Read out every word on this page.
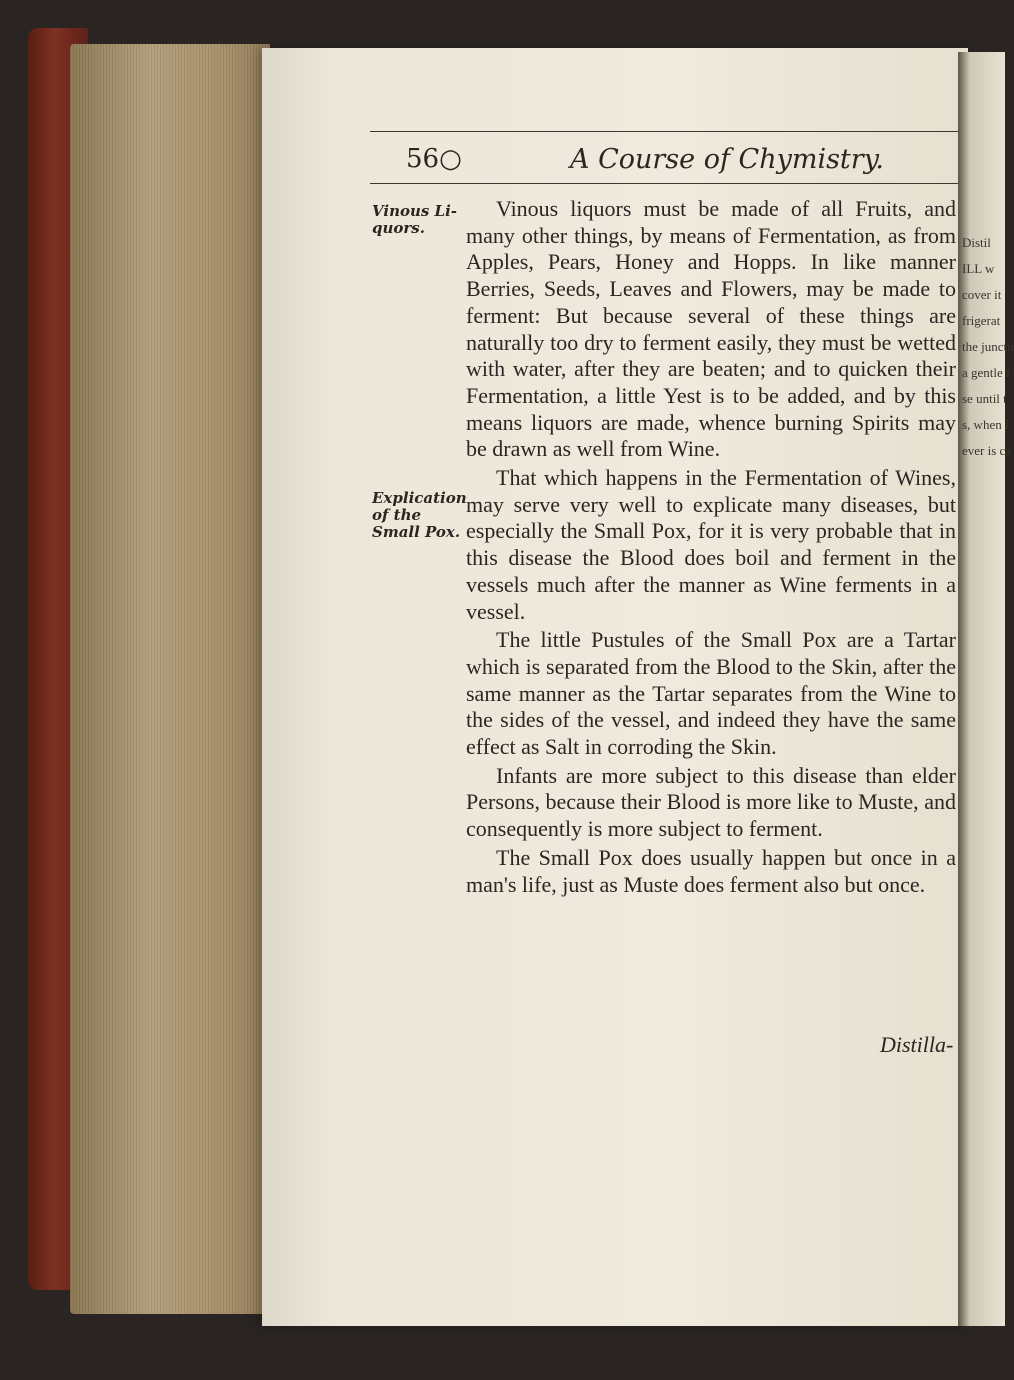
56○	A Course of Chymistry.
Vinous Li-quors.
Explication of the Small Pox.

Vinous liquors must be made of all Fruits, and many other things, by means of Fermentation, as from Apples, Pears, Honey and Hopps. In like manner Berries, Seeds, Leaves and Flowers, may be made to ferment: But because several of these things are naturally too dry to ferment easily, they must be wetted with water, after they are beaten; and to quicken their Fermentation, a little Yest is to be added, and by this means liquors are made, whence burning Spirits may be drawn as well from Wine.

That which happens in the Fermentation of Wines, may serve very well to explicate many diseases, but especially the Small Pox, for it is very probable that in this disease the Blood does boil and ferment in the vessels much after the manner as Wine ferments in a vessel.

The little Pustules of the Small Pox are a Tartar which is separated from the Blood to the Skin, after the same manner as the Tartar separates from the Wine to the sides of the vessel, and indeed they have the same effect as Salt in corroding the Skin.

Infants are more subject to this disease than elder Persons, because their Blood is more like to Muste, and consequently is more subject to ferment.

The Small Pox does usually happen but once in a man's life, just as Muste does ferment also but once.

Distilla-
Distil
ILL w
cover it
frigerat
the junctu
a gentle f
se until t
s, when f
ever is ca
